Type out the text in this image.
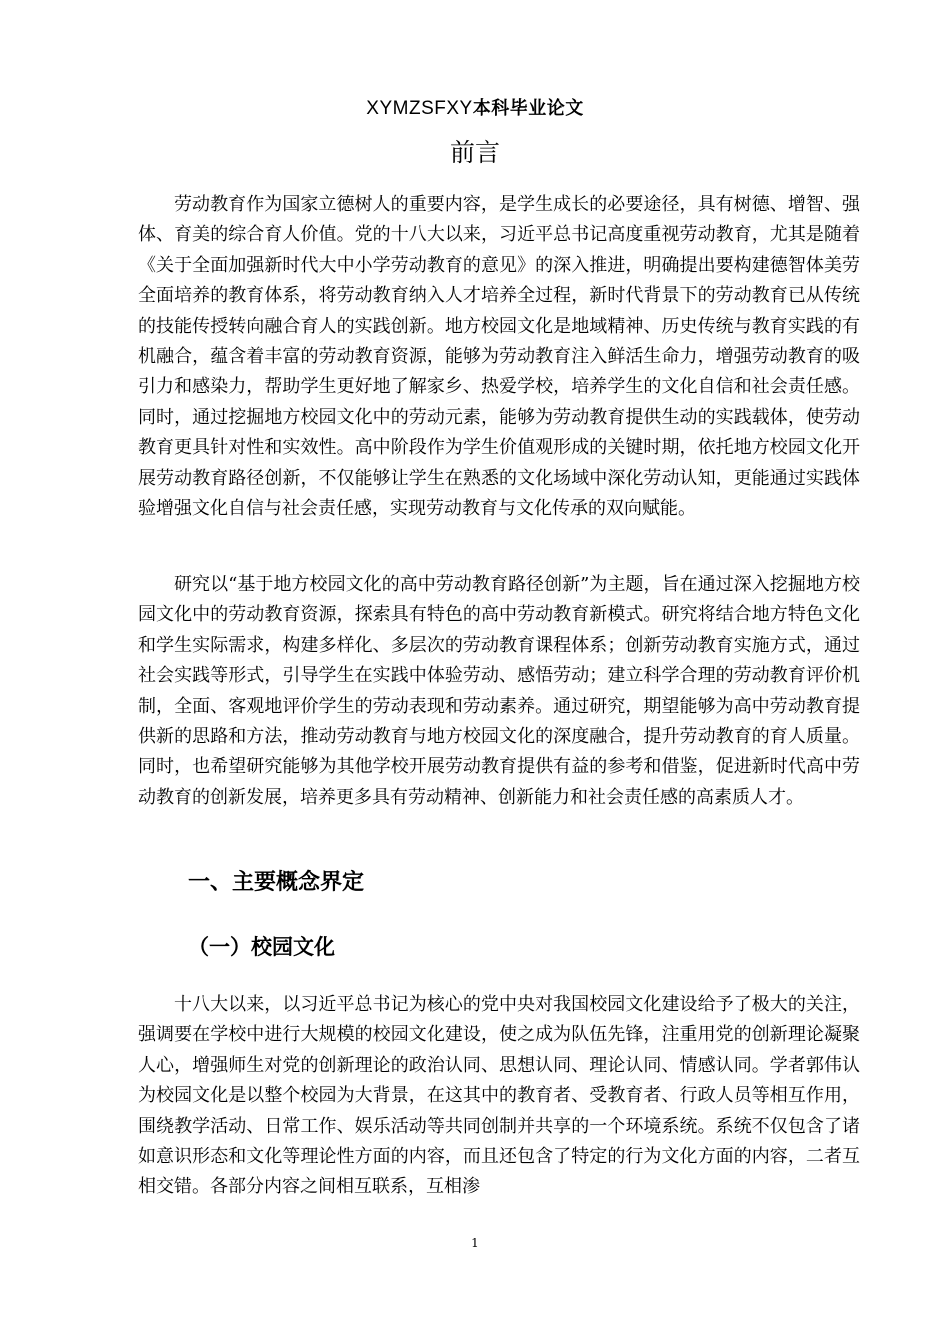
XYMZSFXY本科毕业论文
前言

劳动教育作为国家立德树人的重要内容，是学生成长的必要途径，具有树德、增智、强体、育美的综合育人价值。党的十八大以来，习近平总书记高度重视劳动教育，尤其是随着《关于全面加强新时代大中小学劳动教育的意见》的深入推进，明确提出要构建德智体美劳全面培养的教育体系，将劳动教育纳入人才培养全过程，新时代背景下的劳动教育已从传统的技能传授转向融合育人的实践创新。地方校园文化是地域精神、历史传统与教育实践的有机融合，蕴含着丰富的劳动教育资源，能够为劳动教育注入鲜活生命力，增强劳动教育的吸引力和感染力，帮助学生更好地了解家乡、热爱学校，培养学生的文化自信和社会责任感。同时，通过挖掘地方校园文化中的劳动元素，能够为劳动教育提供生动的实践载体，使劳动教育更具针对性和实效性。高中阶段作为学生价值观形成的关键时期，依托地方校园文化开展劳动教育路径创新，不仅能够让学生在熟悉的文化场域中深化劳动认知，更能通过实践体验增强文化自信与社会责任感，实现劳动教育与文化传承的双向赋能。

研究以“基于地方校园文化的高中劳动教育路径创新”为主题，旨在通过深入挖掘地方校园文化中的劳动教育资源，探索具有特色的高中劳动教育新模式。研究将结合地方特色文化和学生实际需求，构建多样化、多层次的劳动教育课程体系；创新劳动教育实施方式，通过社会实践等形式，引导学生在实践中体验劳动、感悟劳动；建立科学合理的劳动教育评价机制，全面、客观地评价学生的劳动表现和劳动素养。通过研究，期望能够为高中劳动教育提供新的思路和方法，推动劳动教育与地方校园文化的深度融合，提升劳动教育的育人质量。同时，也希望研究能够为其他学校开展劳动教育提供有益的参考和借鉴，促进新时代高中劳动教育的创新发展，培养更多具有劳动精神、创新能力和社会责任感的高素质人才。

一、主要概念界定
（一）校园文化

十八大以来，以习近平总书记为核心的党中央对我国校园文化建设给予了极大的关注，强调要在学校中进行大规模的校园文化建设，使之成为队伍先锋，注重用党的创新理论凝聚人心，增强师生对党的创新理论的政治认同、思想认同、理论认同、情感认同。学者郭伟认为校园文化是以整个校园为大背景，在这其中的教育者、受教育者、行政人员等相互作用，围绕教学活动、日常工作、娱乐活动等共同创制并共享的一个环境系统。系统不仅包含了诸如意识形态和文化等理论性方面的内容，而且还包含了特定的行为文化方面的内容，二者互相交错。各部分内容之间相互联系，互相渗

1
